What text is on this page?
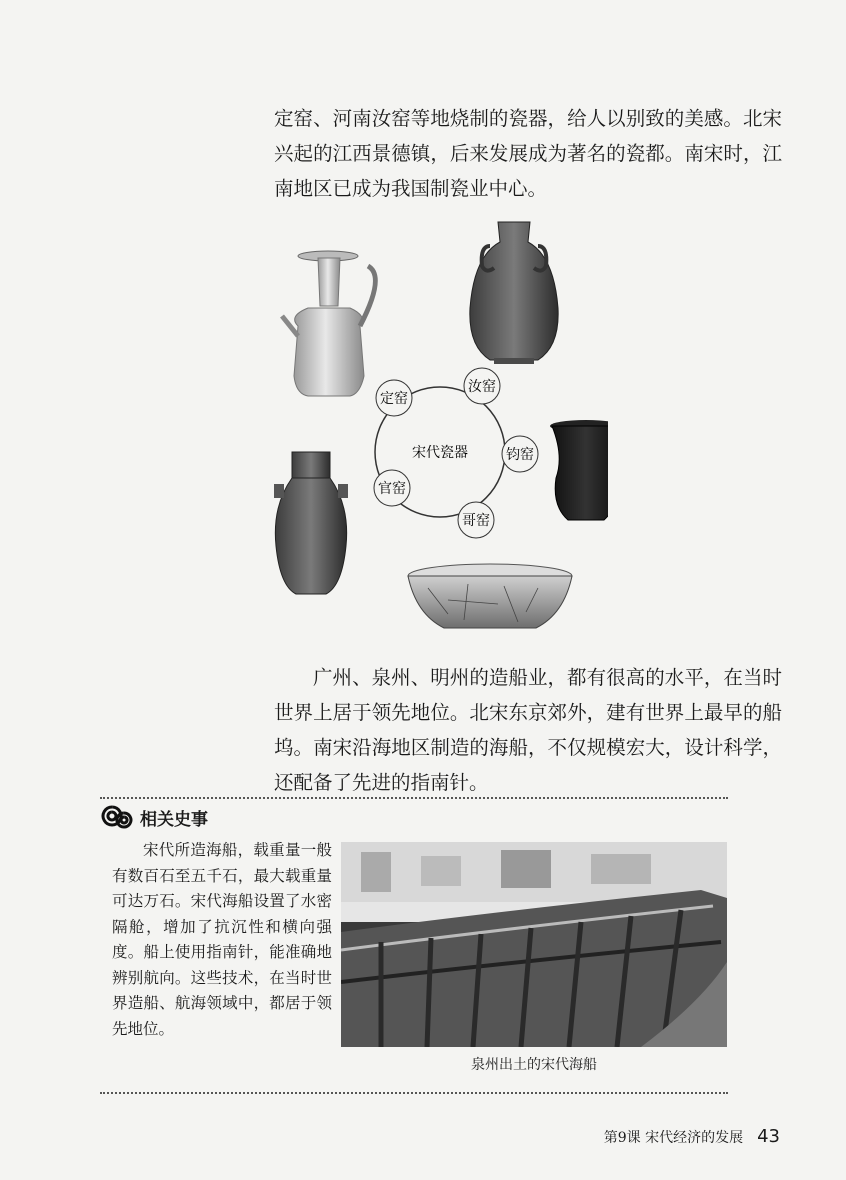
定窑、河南汝窑等地烧制的瓷器，给人以别致的美感。北宋兴起的江西景德镇，后来发展成为著名的瓷都。南宋时，江南地区已成为我国制瓷业中心。

宋代瓷器
定窑
汝窑
钧窑
哥窑
官窑

广州、泉州、明州的造船业，都有很高的水平，在当时世界上居于领先地位。北宋东京郊外，建有世界上最早的船坞。南宋沿海地区制造的海船，不仅规模宏大，设计科学，还配备了先进的指南针。

相关史事

宋代所造海船，载重量一般有数百石至五千石，最大载重量可达万石。宋代海船设置了水密隔舱，增加了抗沉性和横向强度。船上使用指南针，能准确地辨别航向。这些技术，在当时世界造船、航海领域中，都居于领先地位。

泉州出土的宋代海船
第9课 宋代经济的发展 43
